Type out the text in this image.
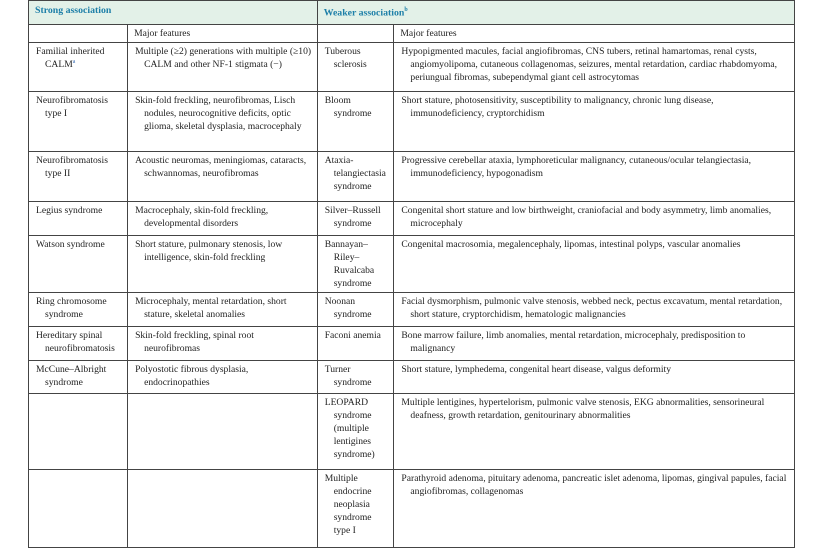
Strong association		Weaker association$^b$
	Major features		Major features

Familial inherited CALM$^a$	Multiple (≥2) generations with multiple (≥10) CALM and other NF-1 stigmata (−)	Tuberous sclerosis	Hypopigmented macules, facial angiofibromas, CNS tubers, retinal hamartomas, renal cysts, angiomyolipoma, cutaneous collagenomas, seizures, mental retardation, cardiac rhabdomyoma, periungual fibromas, subependymal giant cell astrocytomas

Neurofibromatosis type I	Skin-fold freckling, neurofibromas, Lisch nodules, neurocognitive deficits, optic glioma, skeletal dysplasia, macrocephaly	Bloom syndrome	Short stature, photosensitivity, susceptibility to malignancy, chronic lung disease, immunodeficiency, cryptorchidism

Neurofibromatosis type II	Acoustic neuromas, meningiomas, cataracts, schwannomas, neurofibromas	Ataxia-telangiectasia syndrome	Progressive cerebellar ataxia, lymphoreticular malignancy, cutaneous/ocular telangiectasia, immunodeficiency, hypogonadism

Legius syndrome	Macrocephaly, skin-fold freckling, developmental disorders	Silver–Russell syndrome	Congenital short stature and low birthweight, craniofacial and body asymmetry, limb anomalies, microcephaly

Watson syndrome	Short stature, pulmonary stenosis, low intelligence, skin-fold freckling	Bannayan–Riley–Ruvalcaba syndrome	Congenital macrosomia, megalencephaly, lipomas, intestinal polyps, vascular anomalies

Ring chromosome syndrome	Microcephaly, mental retardation, short stature, skeletal anomalies	Noonan syndrome	Facial dysmorphism, pulmonic valve stenosis, webbed neck, pectus excavatum, mental retardation, short stature, cryptorchidism, hematologic malignancies

Hereditary spinal neurofibromatosis	Skin-fold freckling, spinal root neurofibromas	Faconi anemia	Bone marrow failure, limb anomalies, mental retardation, microcephaly, predisposition to malignancy

McCune–Albright syndrome	Polyostotic fibrous dysplasia, endocrinopathies	Turner syndrome	Short stature, lymphedema, congenital heart disease, valgus deformity

		LEOPARD syndrome (multiple lentigines syndrome)	Multiple lentigines, hypertelorism, pulmonic valve stenosis, EKG abnormalities, sensorineural deafness, growth retardation, genitourinary abnormalities

		Multiple endocrine neoplasia syndrome type I	Parathyroid adenoma, pituitary adenoma, pancreatic islet adenoma, lipomas, gingival papules, facial angiofibromas, collagenomas
